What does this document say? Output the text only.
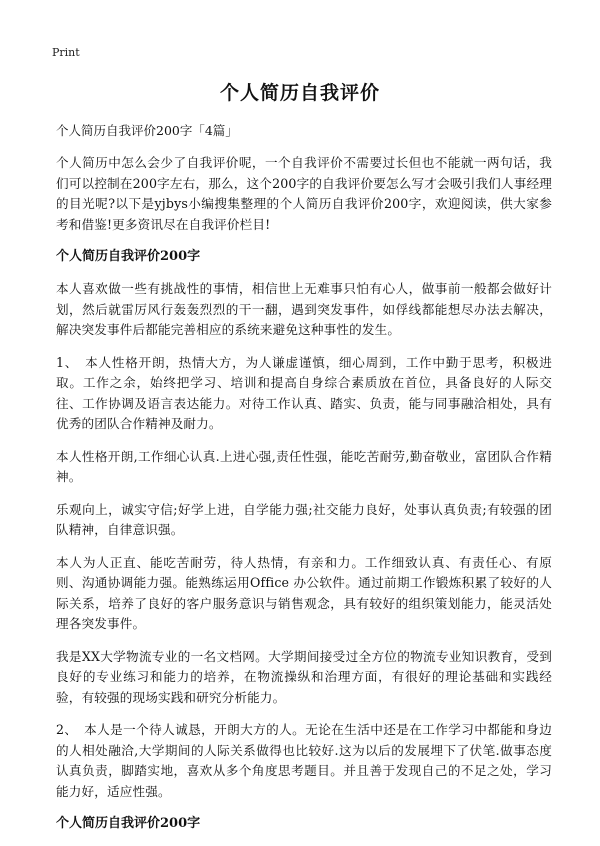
Print
个人简历自我评价
个人简历自我评价200字「4篇」

个人简历中怎么会少了自我评价呢，一个自我评价不需要过长但也不能就一两句话，我们可以控制在200字左右，那么，这个200字的自我评价要怎么写才会吸引我们人事经理的目光呢?以下是yjbys小编搜集整理的个人简历自我评价200字，欢迎阅读，供大家参考和借鉴!更多资讯尽在自我评价栏目!

个人简历自我评价200字

本人喜欢做一些有挑战性的事情，相信世上无难事只怕有心人，做事前一般都会做好计划，然后就雷厉风行轰轰烈烈的干一翻，遇到突发事件，如俘线都能想尽办法去解决，解决突发事件后都能完善相应的系统来避免这种事性的发生。

1、　本人性格开朗，热情大方，为人谦虚谨慎，细心周到，工作中勤于思考，积极进取。工作之余，始终把学习、培训和提高自身综合素质放在首位，具备良好的人际交往、工作协调及语言表达能力。对待工作认真、踏实、负责，能与同事融洽相处，具有优秀的团队合作精神及耐力。

本人性格开朗,工作细心认真.上进心强,责任性强，能吃苦耐劳,勤奋敬业，富团队合作精神。

乐观向上，诚实守信;好学上进，自学能力强;社交能力良好，处事认真负责;有较强的团队精神，自律意识强。

本人为人正直、能吃苦耐劳，待人热情，有亲和力。工作细致认真、有责任心、有原则、沟通协调能力强。能熟练运用Office 办公软件。通过前期工作锻炼积累了较好的人际关系，培养了良好的客户服务意识与销售观念，具有较好的组织策划能力，能灵活处理各突发事件。

我是XX大学物流专业的一名文档网。大学期间接受过全方位的物流专业知识教育，受到良好的专业练习和能力的培养，在物流操纵和治理方面，有很好的理论基础和实践经验，有较强的现场实践和研究分析能力。

2、　本人是一个待人诚恳，开朗大方的人。无论在生活中还是在工作学习中都能和身边的人相处融洽,大学期间的人际关系做得也比较好.这为以后的发展埋下了伏笔.做事态度认真负责，脚踏实地，喜欢从多个角度思考题目。并且善于发现自己的不足之处，学习能力好，适应性强。

个人简历自我评价200字
